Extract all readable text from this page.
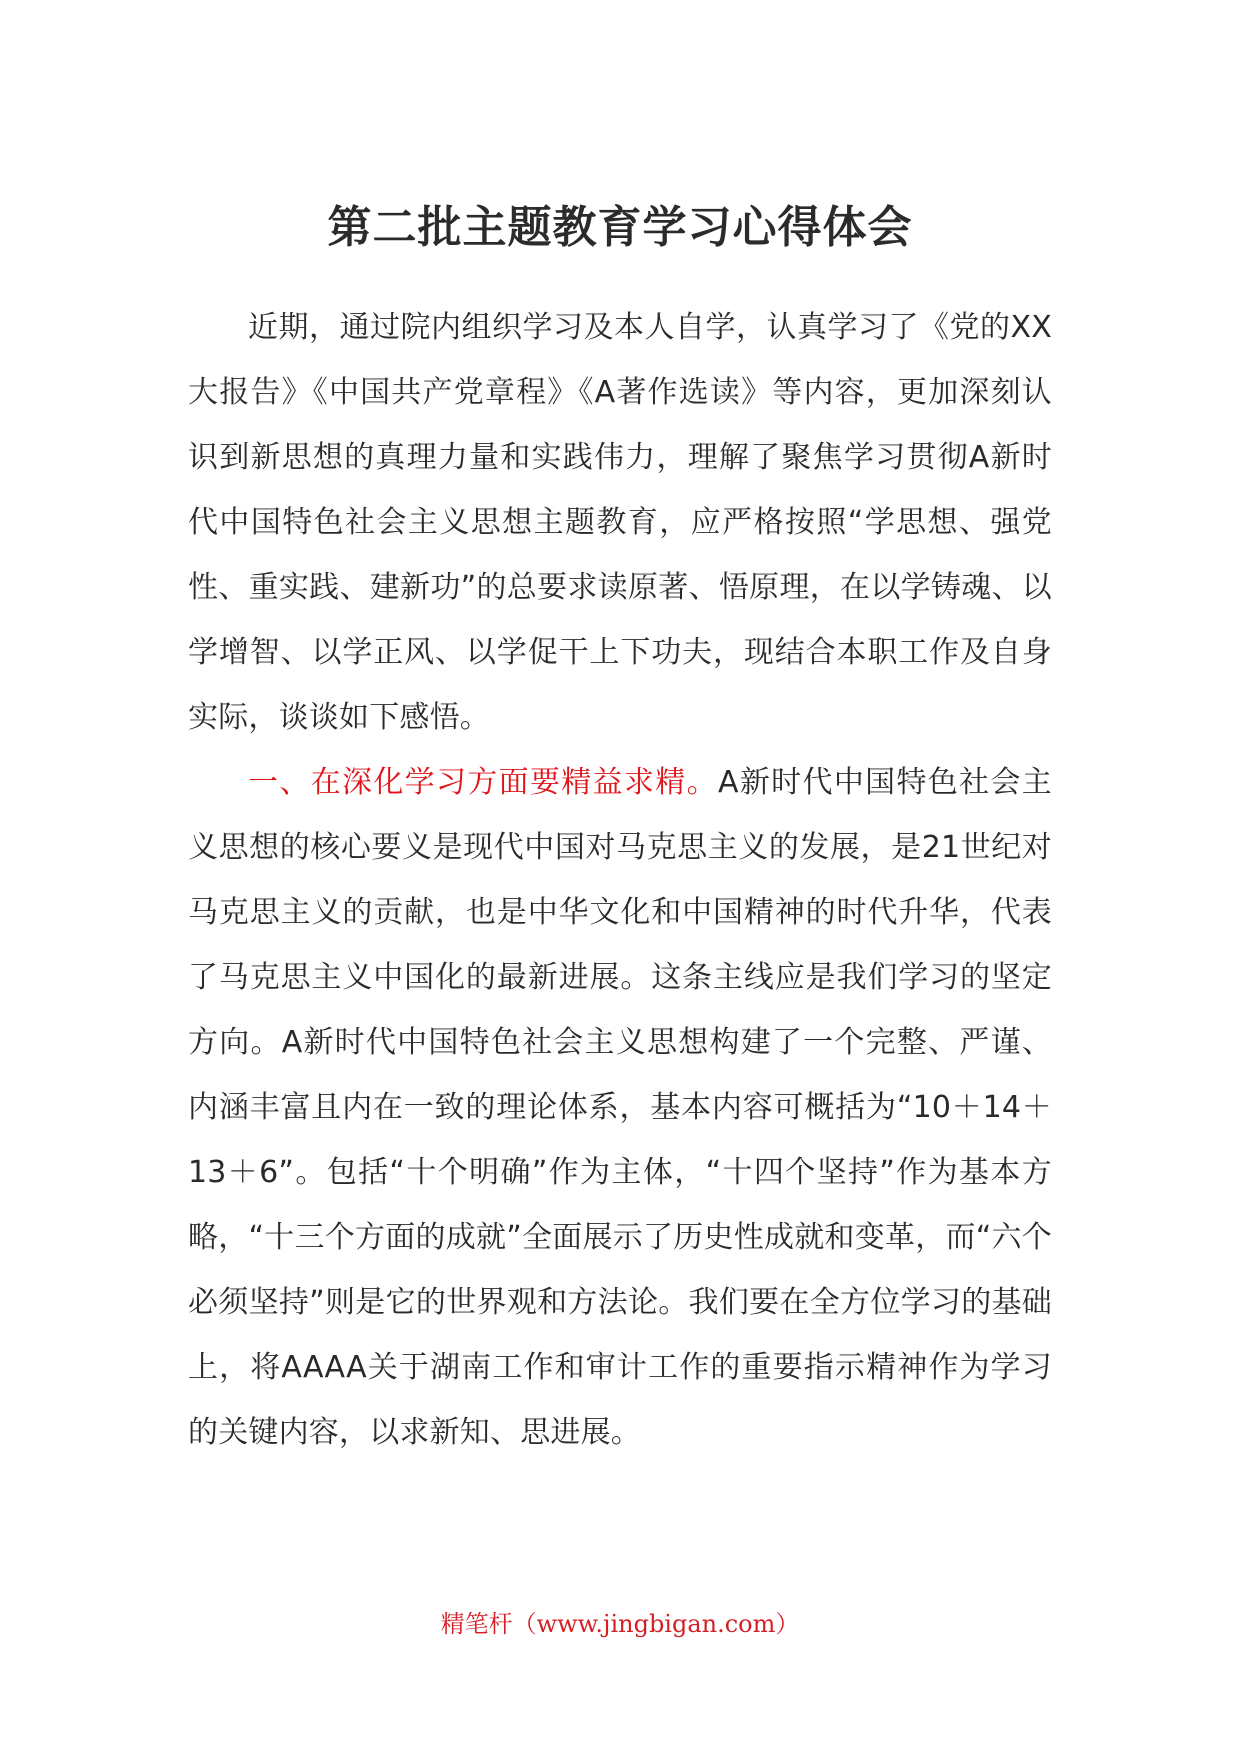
第二批主题教育学习心得体会

近期，通过院内组织学习及本人自学，认真学习了《党的XX大报告》《中国共产党章程》《A著作选读》等内容，更加深刻认识到新思想的真理力量和实践伟力，理解了聚焦学习贯彻A新时代中国特色社会主义思想主题教育，应严格按照“学思想、强党性、重实践、建新功”的总要求读原著、悟原理，在以学铸魂、以学增智、以学正风、以学促干上下功夫，现结合本职工作及自身实际，谈谈如下感悟。

一、在深化学习方面要精益求精。A新时代中国特色社会主义思想的核心要义是现代中国对马克思主义的发展，是21世纪对马克思主义的贡献，也是中华文化和中国精神的时代升华，代表了马克思主义中国化的最新进展。这条主线应是我们学习的坚定方向。A新时代中国特色社会主义思想构建了一个完整、严谨、内涵丰富且内在一致的理论体系，基本内容可概括为“10＋14＋13＋6”。包括“十个明确”作为主体，“十四个坚持”作为基本方略，“十三个方面的成就”全面展示了历史性成就和变革，而“六个必须坚持”则是它的世界观和方法论。我们要在全方位学习的基础上，将AAAA关于湖南工作和审计工作的重要指示精神作为学习的关键内容，以求新知、思进展。

精笔杆（www.jingbigan.com）
